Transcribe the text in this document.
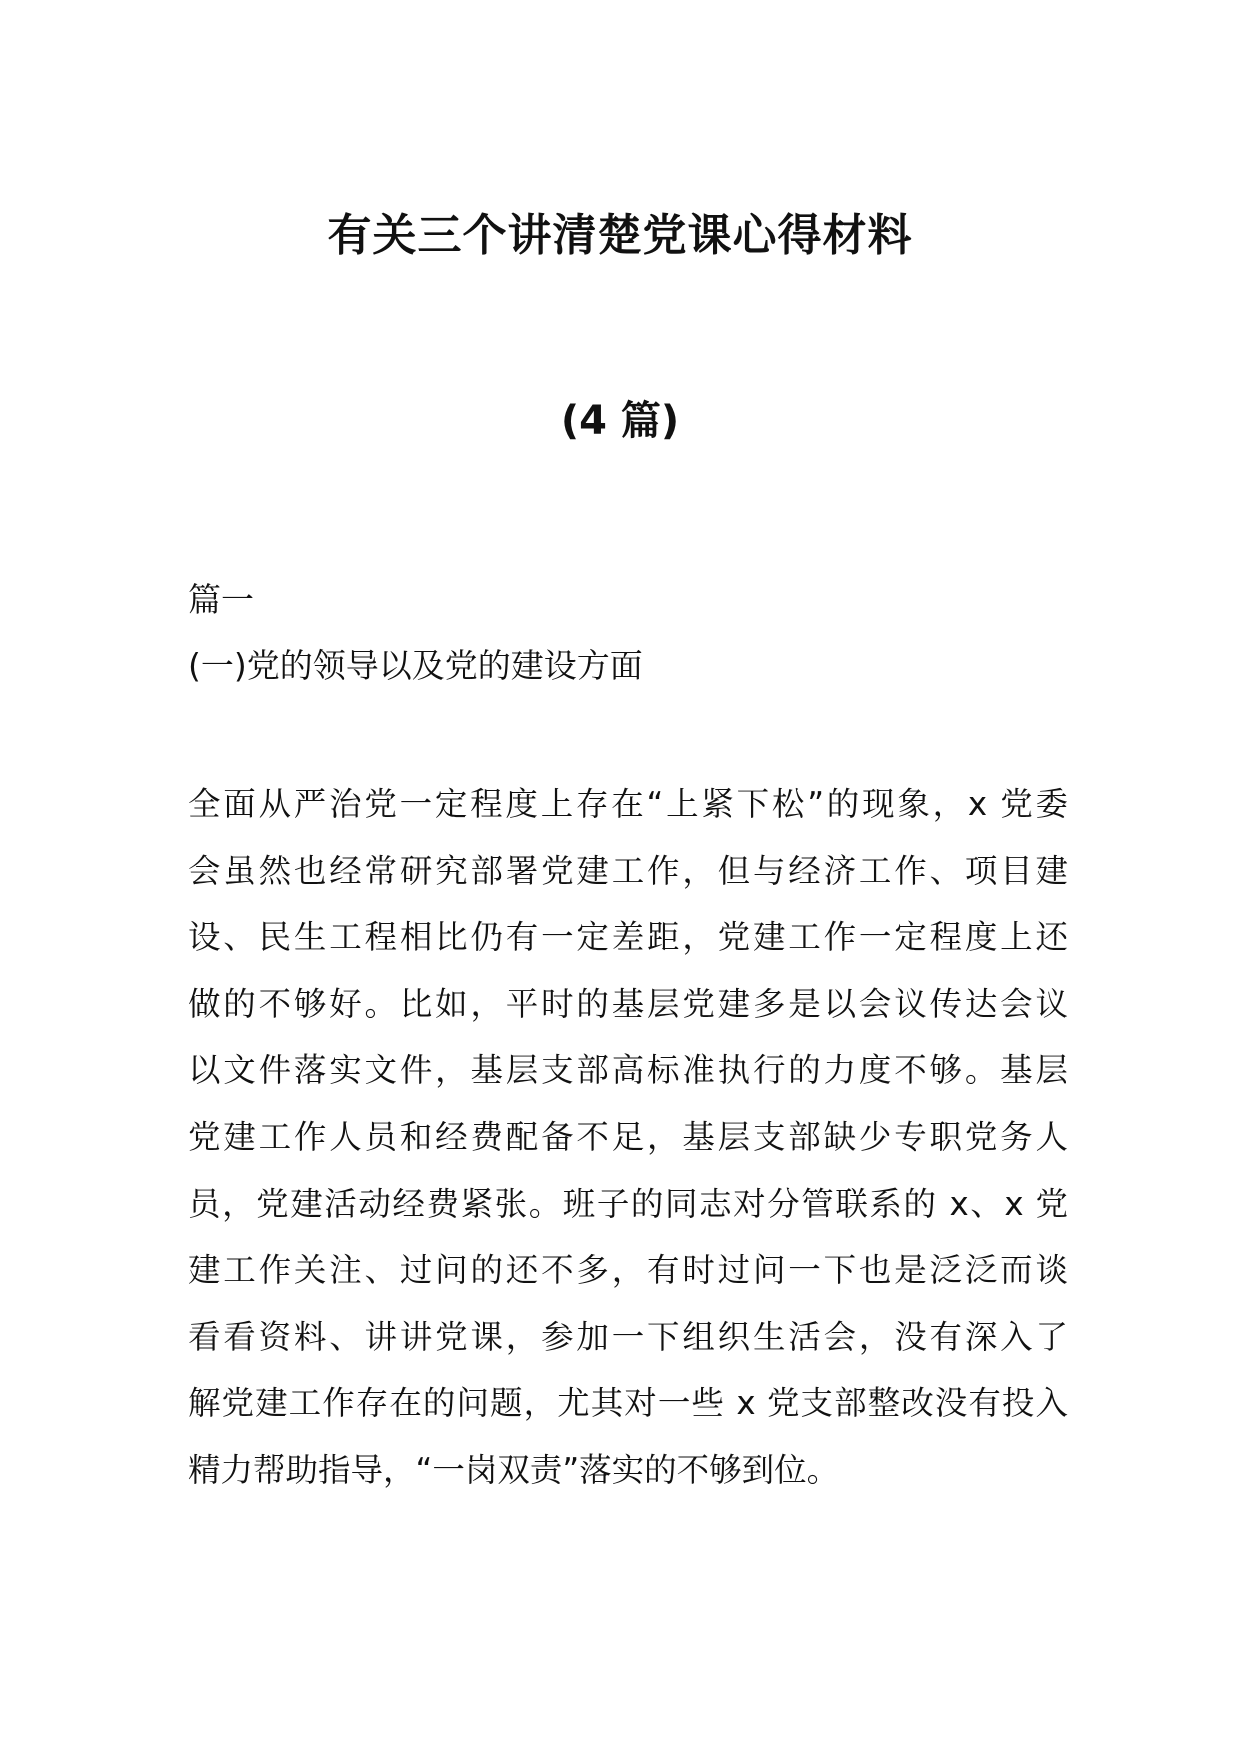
有关三个讲清楚党课心得材料
(4 篇)
篇一
(一)党的领导以及党的建设方面
全面从严治党一定程度上存在“上紧下松”的现象，x 党委
会虽然也经常研究部署党建工作，但与经济工作、项目建
设、民生工程相比仍有一定差距，党建工作一定程度上还
做的不够好。比如，平时的基层党建多是以会议传达会议
以文件落实文件，基层支部高标准执行的力度不够。基层
党建工作人员和经费配备不足，基层支部缺少专职党务人
员，党建活动经费紧张。班子的同志对分管联系的 x、x 党
建工作关注、过问的还不多，有时过问一下也是泛泛而谈
看看资料、讲讲党课，参加一下组织生活会，没有深入了
解党建工作存在的问题，尤其对一些 x 党支部整改没有投入
精力帮助指导，“一岗双责”落实的不够到位。
